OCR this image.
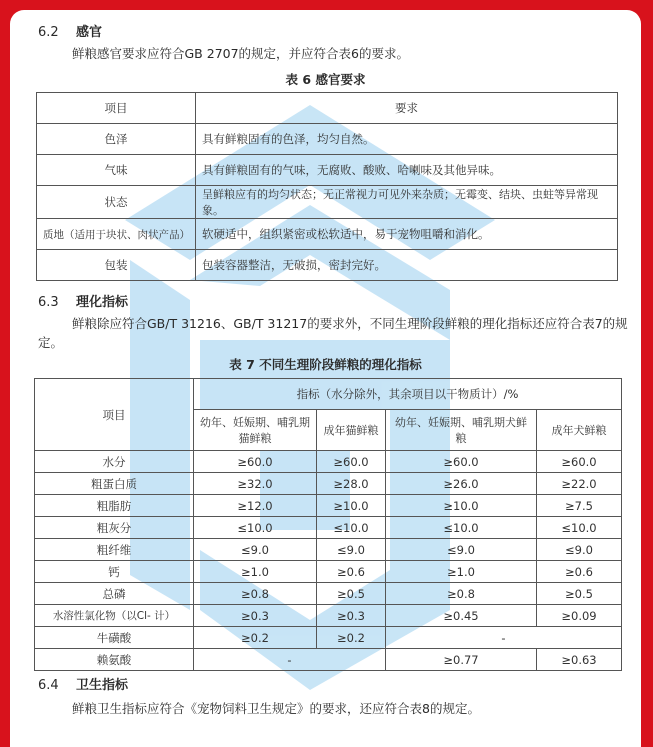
6.2 感官
鲜粮感官要求应符合GB 2707的规定，并应符合表6的要求。
表 6 感官要求
项目	要求
色泽	具有鲜粮固有的色泽，均匀自然。
气味	具有鲜粮固有的气味，无腐败、酸败、哈喇味及其他异味。
状态	呈鲜粮应有的均匀状态；无正常视力可见外来杂质；无霉变、结块、虫蛀等异常现象。
质地（适用于块状、肉状产品）	软硬适中，组织紧密或松软适中，易于宠物咀嚼和消化。
包装	包装容器整洁，无破损，密封完好。
6.3 理化指标
鲜粮除应符合GB/T 31216、GB/T 31217的要求外，不同生理阶段鲜粮的理化指标还应符合表7的规
定。
表 7 不同生理阶段鲜粮的理化指标
项目	指标（水分除外，其余项目以干物质计）/%			
	幼年、妊娠期、哺乳期猫鲜粮	成年猫鲜粮	幼年、妊娠期、哺乳期犬鲜粮	成年犬鲜粮
水分	≥60.0	≥60.0	≥60.0	≥60.0
粗蛋白质	≥32.0	≥28.0	≥26.0	≥22.0
粗脂肪	≥12.0	≥10.0	≥10.0	≥7.5
粗灰分	≤10.0	≤10.0	≤10.0	≤10.0
粗纤维	≤9.0	≤9.0	≤9.0	≤9.0
钙	≥1.0	≥0.6	≥1.0	≥0.6
总磷	≥0.8	≥0.5	≥0.8	≥0.5
水溶性氯化物（以Cl- 计）	≥0.3	≥0.3	≥0.45	≥0.09
牛磺酸	≥0.2	≥0.2	-	
赖氨酸	-		≥0.77	≥0.63
6.4 卫生指标
鲜粮卫生指标应符合《宠物饲料卫生规定》的要求，还应符合表8的规定。
